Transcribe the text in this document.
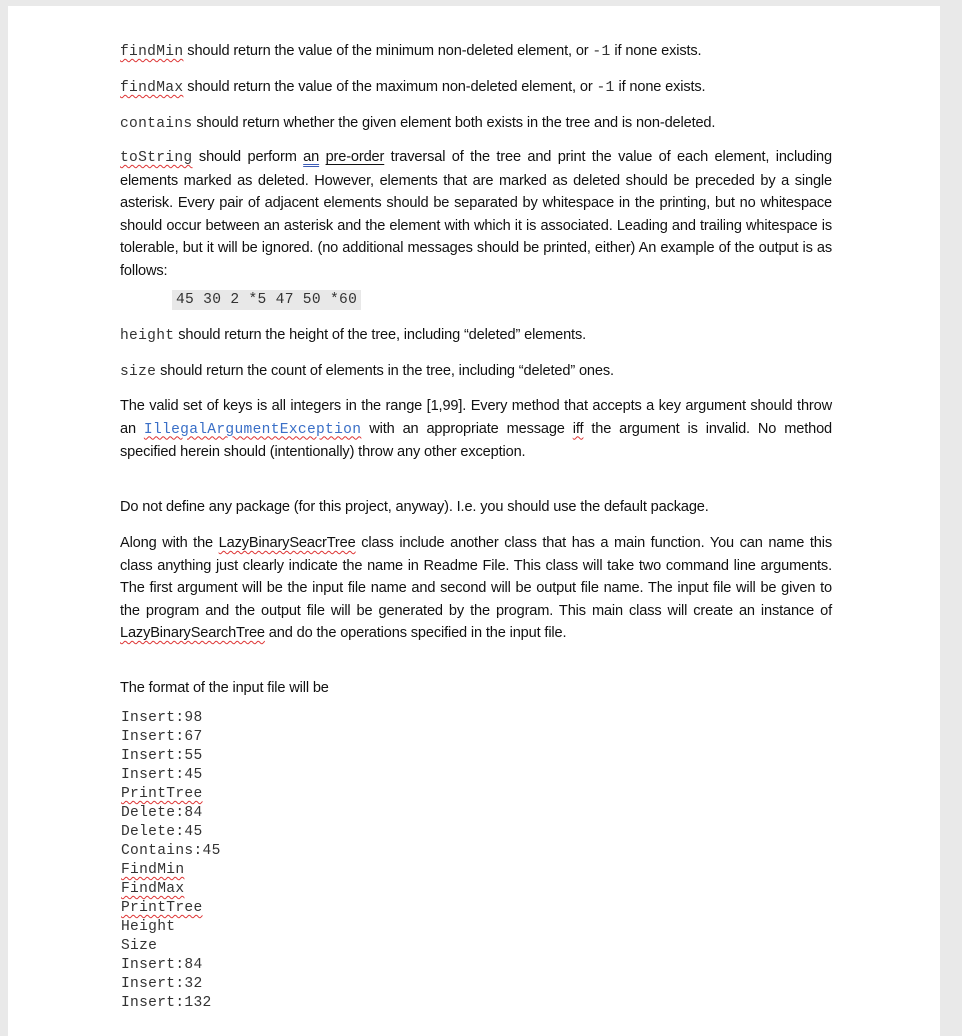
findMin should return the value of the minimum non-deleted element, or -1 if none exists.
findMax should return the value of the maximum non-deleted element, or -1 if none exists.
contains should return whether the given element both exists in the tree and is non-deleted.
toString should perform an pre-order traversal of the tree and print the value of each element, including elements marked as deleted. However, elements that are marked as deleted should be preceded by a single asterisk. Every pair of adjacent elements should be separated by whitespace in the printing, but no whitespace should occur between an asterisk and the element with which it is associated. Leading and trailing whitespace is tolerable, but it will be ignored. (no additional messages should be printed, either) An example of the output is as follows:
45 30 2 *5 47 50 *60
height should return the height of the tree, including “deleted” elements.
size should return the count of elements in the tree, including “deleted” ones.
The valid set of keys is all integers in the range [1,99]. Every method that accepts a key argument should throw an IllegalArgumentException with an appropriate message iff the argument is invalid. No method specified herein should (intentionally) throw any other exception.
Do not define any package (for this project, anyway). I.e. you should use the default package.
Along with the LazyBinarySeacrTree class include another class that has a main function. You can name this class anything just clearly indicate the name in Readme File. This class will take two command line arguments. The first argument will be the input file name and second will be output file name. The input file will be given to the program and the output file will be generated by the program. This main class will create an instance of LazyBinarySearchTree and do the operations specified in the input file.
The format of the input file will be
Insert:98
Insert:67
Insert:55
Insert:45
PrintTree
Delete:84
Delete:45
Contains:45
FindMin
FindMax
PrintTree
Height
Size
Insert:84
Insert:32
Insert:132
